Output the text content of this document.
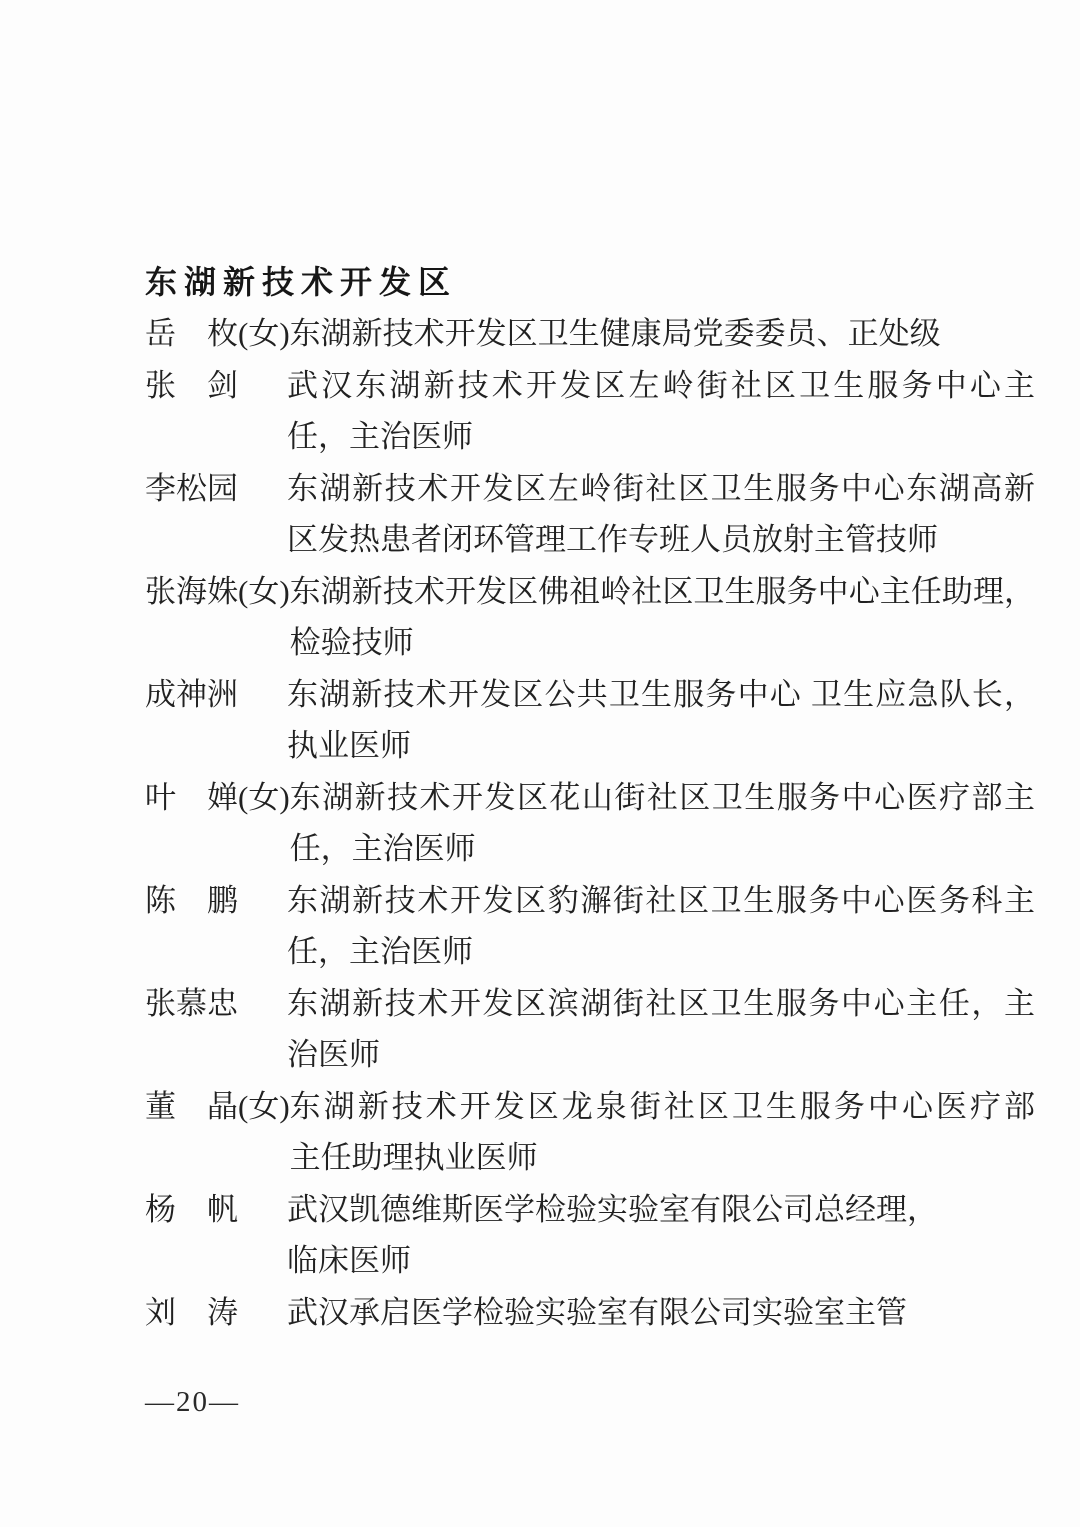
东湖新技术开发区
岳　枚 (女) 东湖新技术开发区卫生健康局党委委员、正处级
张　剑 武汉东湖新技术开发区左岭街社区卫生服务中心主
任，主治医师
李松园 东湖新技术开发区左岭街社区卫生服务中心东湖高新
区发热患者闭环管理工作专班人员放射主管技师
张海姝 (女) 东湖新技术开发区佛祖岭社区卫生服务中心主任助理，
检验技师
成神洲 东湖新技术开发区公共卫生服务中心 卫生应急队长，
执业医师
叶　婵 (女) 东湖新技术开发区花山街社区卫生服务中心医疗部主
任，主治医师
陈　鹏 东湖新技术开发区豹澥街社区卫生服务中心医务科主
任，主治医师
张慕忠 东湖新技术开发区滨湖街社区卫生服务中心主任，主
治医师
董　晶 (女) 东湖新技术开发区龙泉街社区卫生服务中心医疗部
主任助理执业医师
杨　帆 武汉凯德维斯医学检验实验室有限公司总经理，
临床医师
刘　涛 武汉承启医学检验实验室有限公司实验室主管
—20—
